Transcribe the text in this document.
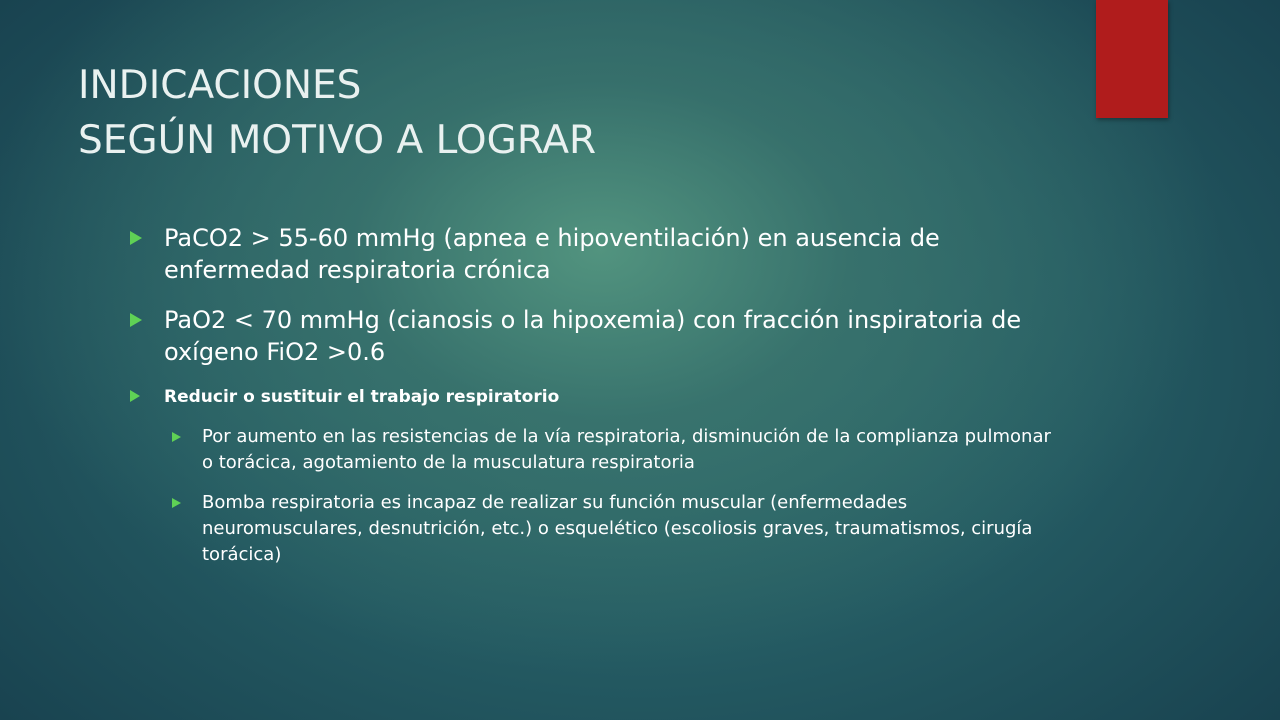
INDICACIONES
SEGÚN MOTIVO A LOGRAR
PaCO2 > 55-60 mmHg (apnea e hipoventilación) en ausencia de enfermedad respiratoria crónica
PaO2 < 70 mmHg (cianosis o la hipoxemia) con fracción inspiratoria de oxígeno FiO2 >0.6
Reducir o sustituir el trabajo respiratorio
Por aumento en las resistencias de la vía respiratoria, disminución de la complianza pulmonar o torácica, agotamiento de la musculatura respiratoria
Bomba respiratoria es incapaz de realizar su función muscular (enfermedades neuromusculares, desnutrición, etc.) o esquelético (escoliosis graves, traumatismos, cirugía torácica)
